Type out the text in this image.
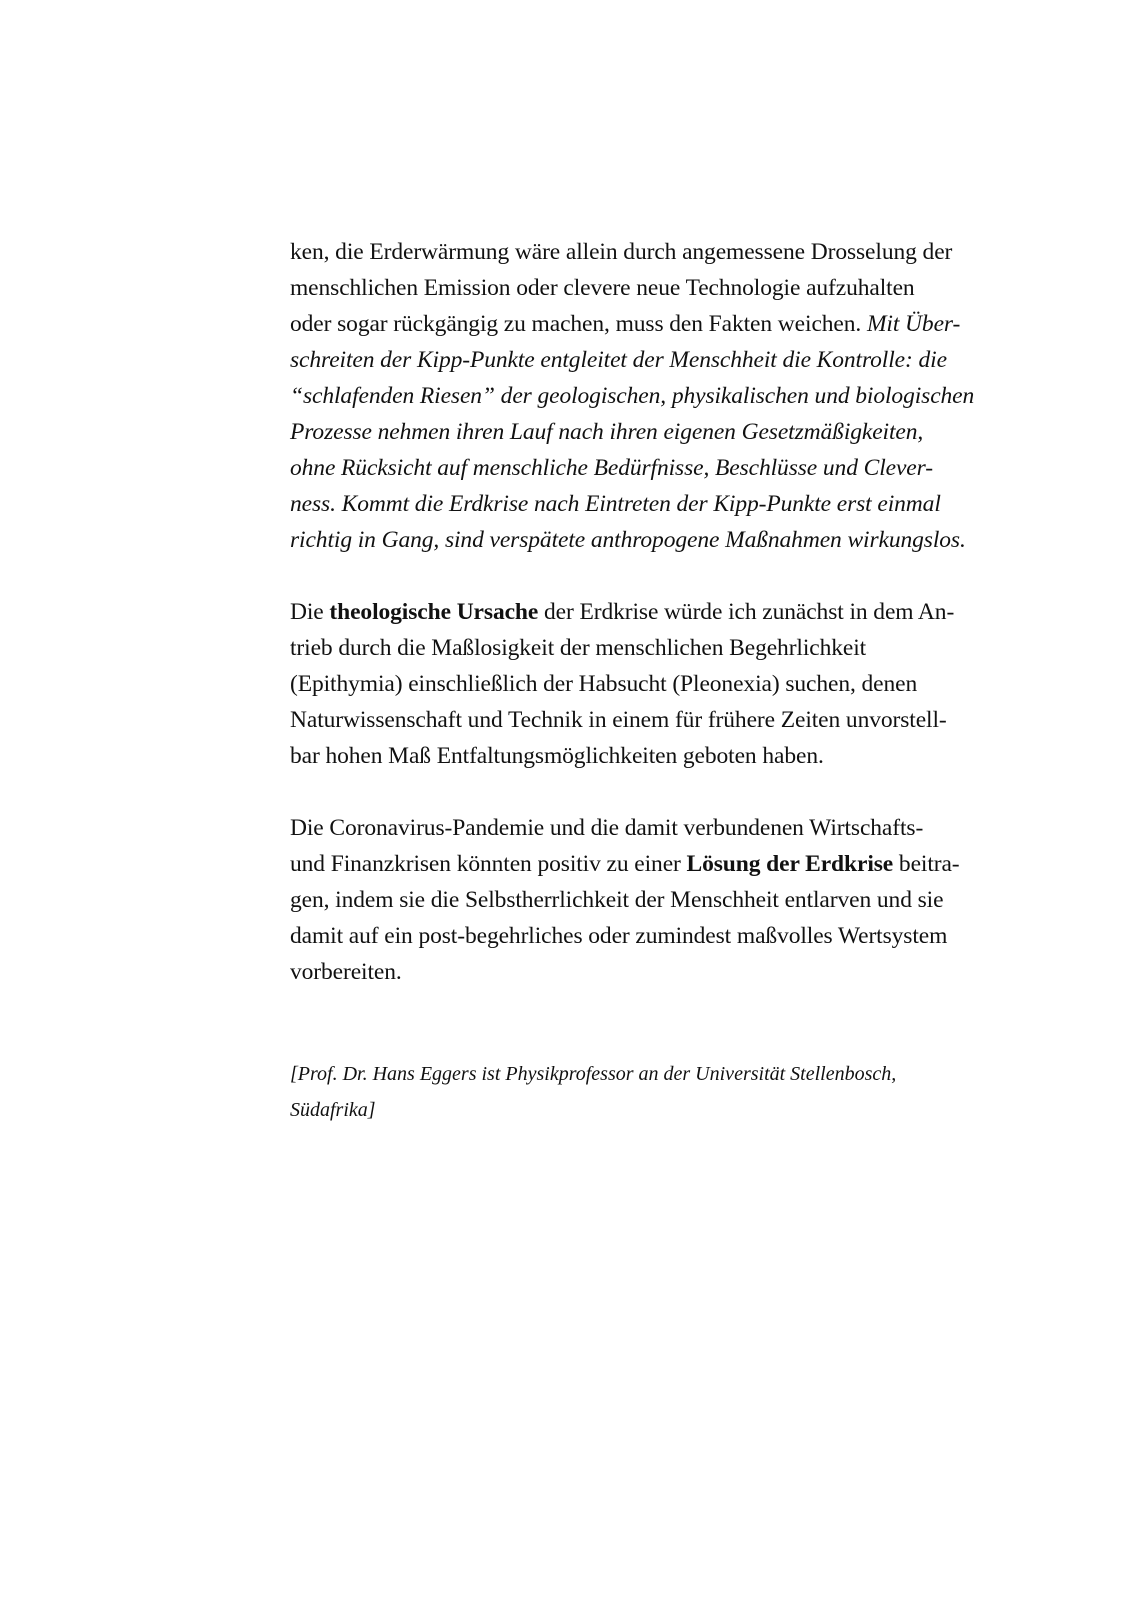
ken, die Erderwärmung wäre allein durch angemessene Drosselung der
menschlichen Emission oder clevere neue Technologie aufzuhalten
oder sogar rückgängig zu machen, muss den Fakten weichen. Mit Über-
schreiten der Kipp-Punkte entgleitet der Menschheit die Kontrolle: die
“schlafenden Riesen” der geologischen, physikalischen und biologischen
Prozesse nehmen ihren Lauf nach ihren eigenen Gesetzmäßigkeiten,
ohne Rücksicht auf menschliche Bedürfnisse, Beschlüsse und Clever-
ness. Kommt die Erdkrise nach Eintreten der Kipp-Punkte erst einmal
richtig in Gang, sind verspätete anthropogene Maßnahmen wirkungslos.
Die theologische Ursache der Erdkrise würde ich zunächst in dem An-
trieb durch die Maßlosigkeit der menschlichen Begehrlichkeit
(Epithymia) einschließlich der Habsucht (Pleonexia) suchen, denen
Naturwissenschaft und Technik in einem für frühere Zeiten unvorstell-
bar hohen Maß Entfaltungsmöglichkeiten geboten haben.
Die Coronavirus-Pandemie und die damit verbundenen Wirtschafts-
und Finanzkrisen könnten positiv zu einer Lösung der Erdkrise beitra-
gen, indem sie die Selbstherrlichkeit der Menschheit entlarven und sie
damit auf ein post-begehrliches oder zumindest maßvolles Wertsystem
vorbereiten.
[Prof. Dr. Hans Eggers ist Physikprofessor an der Universität Stellenbosch,
Südafrika]
